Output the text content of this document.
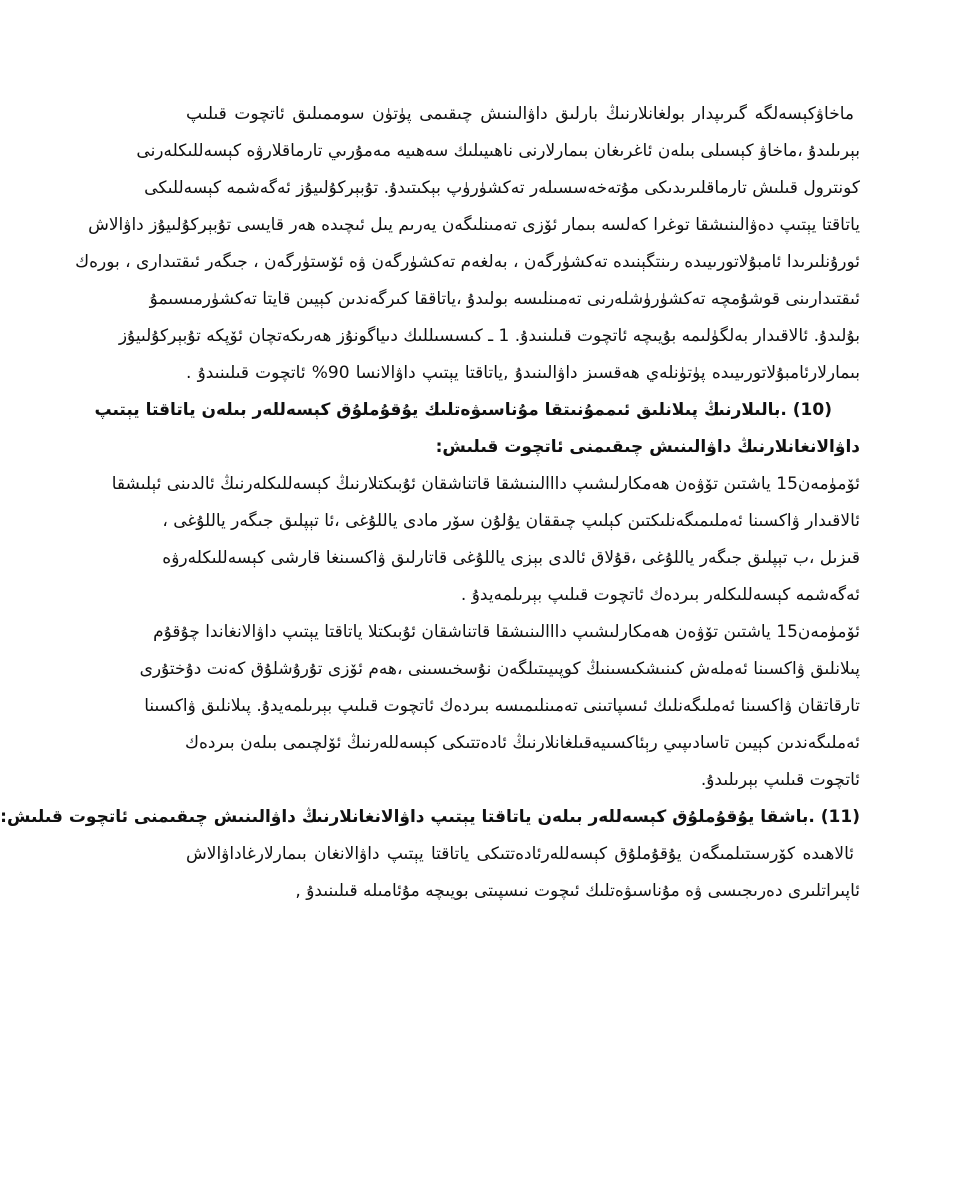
ماخاۋكېسەلگە گىرىپدار بولغانلارنىڭ بارلىق داۋالىنىش چىقىمى پۈتۈن سوممىلىق ئاتچوت قىلىپ
بېرىلىدۇ ،ماخاۋ كېسىلى بىلەن ئاغرىغان بىمارلارنى ناھىيىلىك سەھىيە مەمۇرىي تارماقلارۋە كېسەللىكلەرنى
كونترول قىلىش تارماقلىرىدىكى مۇتەخەسسىلەر تەكشۈرۈپ بېكىتىدۇ. تۇبېركۇلىيۇز ئەگەشمە كېسەللىكى
ياتاقتا يېتىپ دەۋالىنىشقا توغرا كەلسە بىمار ئۆزى تەمىنلىگەن يەرىم يىل ئىچىدە ھەر قايسى تۇبېركۇلىيۇز داۋالاش
ئورۇنلىرىدا ئامبۇلاتورىيىدە رىنتگېنىدە تەكشۈرگەن ، بەلغەم تەكشۈرگەن ۋە ئۆستۈرگەن ، جىگەر ئىقتىدارى ، بورەك
ئىقتىدارىنى قوشۇمچە تەكشۈرۈشلەرنى تەمىنلىسە بولىدۇ ،ياتاققا كىرگەندىن كېيىن قايتا تەكشۈرمىسىمۇ
بۇلىدۇ. ئالاقىدار بەلگۈلىمە بۇيىچە ئاتچوت قىلىنىدۇ. 1 ـ كىسسىللىك دىياگونۇز ھەرىكەتچان ئۆپكە تۇبېركۇلىيۇز
بىمارلارئامبۇلاتورىيىدە پۈتۈنلەي ھەقسىز داۋالىنىدۇ ,ياتاقتا يېتىپ داۋالانسا 90% ئاتچوت قىلىنىدۇ .
(10) .بالىلارنىڭ پىلانلىق ئىممۇنىتقا مۇناسىۋەتلىك يۇقۇملۇق كېسەللەر بىلەن ياتاقتا يېتىپ
داۋالانغانلارنىڭ داۋالىنىش چىقىمنى ئاتچوت قىلىش:
ئۆمۈمەن15 ياشتىن تۆۋەن ھەمكارلىشىپ دااالىنىشقا قاتناشقان ئۇبىكتلارنىڭ كېسەللىكلەرنىڭ ئالدىنى ئېلىشقا
ئالاقىدار ۋاكسىنا ئەملىمىگەنلىكتىن كېلىپ چىققان يۇلۇن سۆر مادى ياللۇغى ،ئا تېپلىق جىگەر ياللۇغى ،
قىزىل ،ب تېپلىق جىگەر ياللۇغى ،قۇلاق ئالدى بېزى ياللۇغى قاتارلىق ۋاكسىنغا قارشى كېسەللىكلەرۋە
ئەگەشمە كېسەللىكلەر بىردەك ئاتچوت قىلىپ بېرىلمەيدۇ .
ئۆمۈمەن15 ياشتىن تۆۋەن ھەمكارلىشىپ دااالىنىشقا قاتناشقان ئۇبىكتلا ياتاقتا يېتىپ داۋالانغاندا چۇقۇم
پىلانلىق ۋاكسىنا ئەملەش كىنىشكىسىنىڭ كوپىيىتىلگەن نۇسخىسىنى ،ھەم ئۆزى تۇرۇشلۇق كەنت دۇختۇرى
تارقاتقان ۋاكسىنا ئەملىگەنلىك ئىسپاتىنى تەمىنلىمىسە بىردەك ئاتچوت قىلىپ بېرىلمەيدۇ. پىلانلىق ۋاكسىنا
ئەملىگەندىن كېيىن تاسادىپىي رېئاكسىيەقىلغانلارنىڭ ئادەتتىكى كېسەللەرنىڭ ئۆلچىمى بىلەن بىردەك
ئاتچوت قىلىپ بېرىلىدۇ.
(11) .باشقا يۇقۇملۇق كېسەللەر بىلەن ياتاقتا يېتىپ داۋالانغانلارنىڭ داۋالىنىش چىقىمنى ئاتچوت قىلىش:
ئالاھىدە كۆرسىتىلمىگەن يۇقۇملۇق كېسەللەرئادەتتىكى ياتاقتا يېتىپ داۋالانغان بىمارلارغاداۋالاش
ئاپىراتلىرى دەرىجىسى ۋە مۇناسىۋەتلىك ئىچوت نىسپىتى بويىچە مۇئامىلە قىلىنىدۇ ,
